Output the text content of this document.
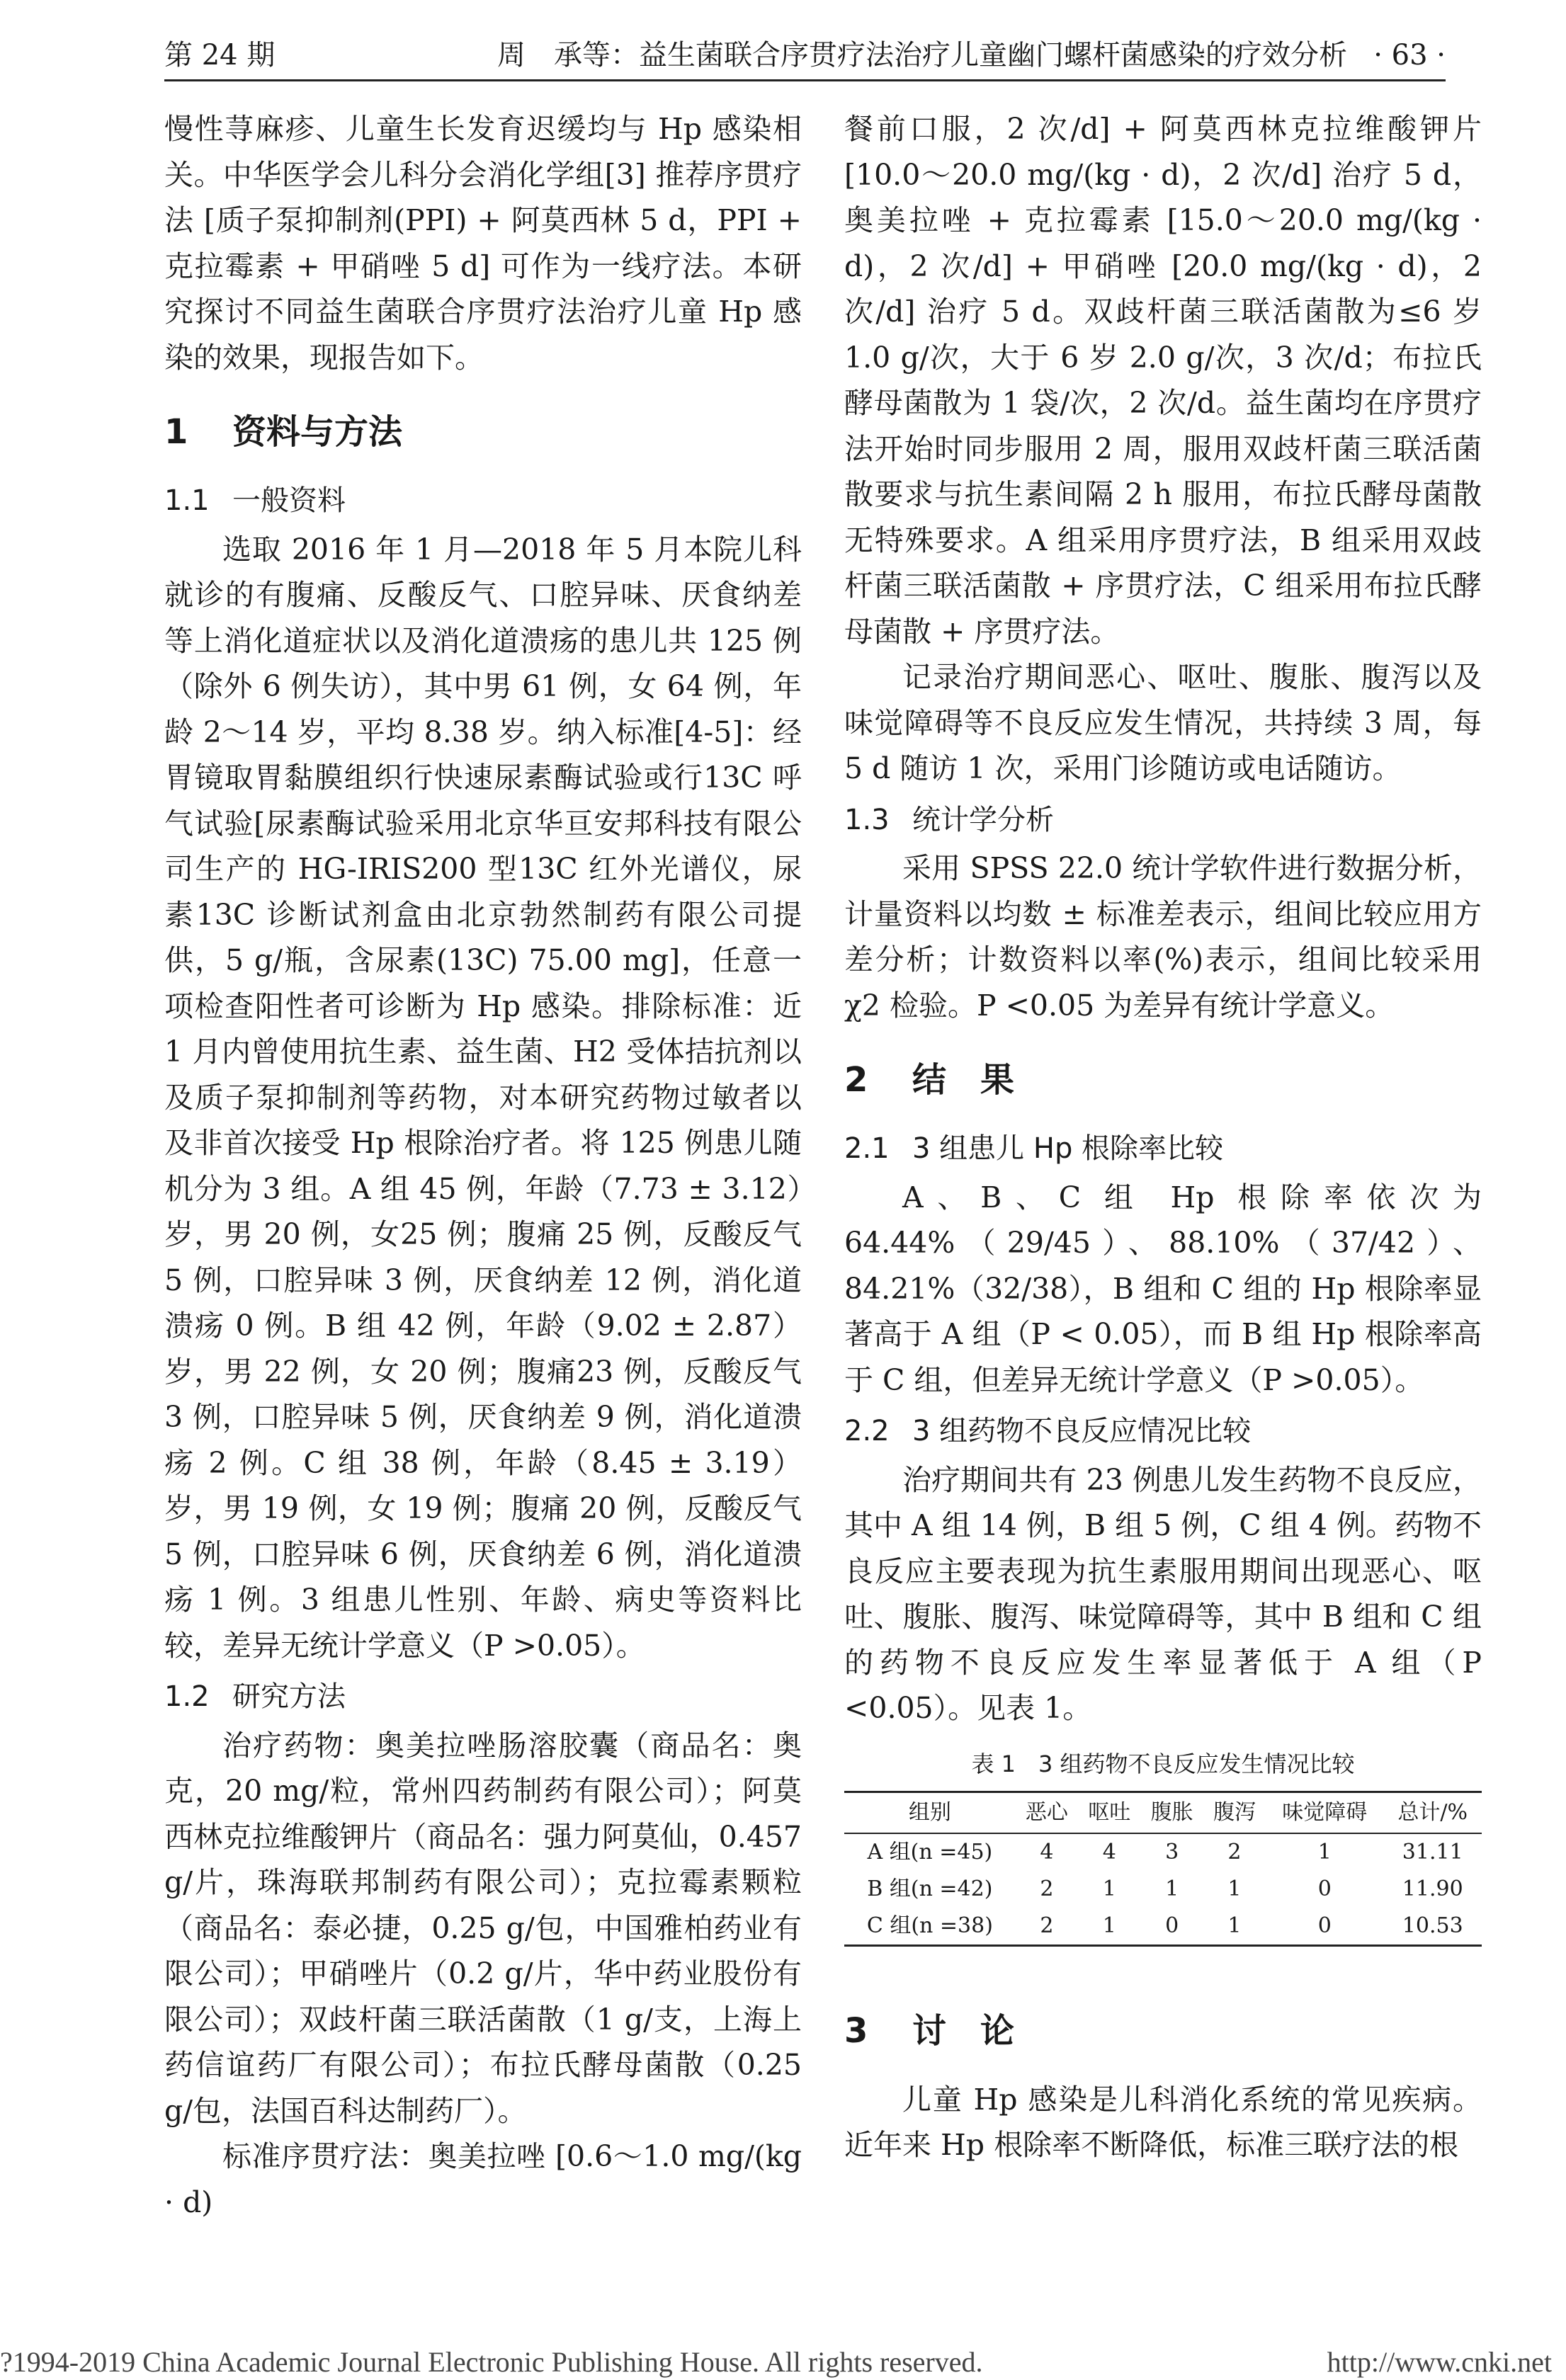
第 24 期	周　承等：益生菌联合序贯疗法治疗儿童幽门螺杆菌感染的疗效分析 · 63 ·

慢性荨麻疹、儿童生长发育迟缓均与 Hp 感染相关。中华医学会儿科分会消化学组[3] 推荐序贯疗法 [质子泵抑制剂(PPI) + 阿莫西林 5 d，PPI + 克拉霉素 + 甲硝唑 5 d] 可作为一线疗法。本研究探讨不同益生菌联合序贯疗法治疗儿童 Hp 感染的效果，现报告如下。

1 资料与方法
1.1 一般资料

选取 2016 年 1 月—2018 年 5 月本院儿科就诊的有腹痛、反酸反气、口腔异味、厌食纳差等上消化道症状以及消化道溃疡的患儿共 125 例（除外 6 例失访），其中男 61 例，女 64 例，年龄 2～14 岁，平均 8.38 岁。纳入标准[4-5]：经胃镜取胃黏膜组织行快速尿素酶试验或行13C 呼气试验[尿素酶试验采用北京华亘安邦科技有限公司生产的 HG-IRIS200 型13C 红外光谱仪，尿素13C 诊断试剂盒由北京勃然制药有限公司提供，5 g/瓶，含尿素(13C) 75.00 mg]，任意一项检查阳性者可诊断为 Hp 感染。排除标准：近 1 月内曾使用抗生素、益生菌、H2 受体拮抗剂以及质子泵抑制剂等药物，对本研究药物过敏者以及非首次接受 Hp 根除治疗者。将 125 例患儿随机分为 3 组。A 组 45 例，年龄（7.73 ± 3.12）岁，男 20 例，女25 例；腹痛 25 例，反酸反气 5 例，口腔异味 3 例，厌食纳差 12 例，消化道溃疡 0 例。B 组 42 例，年龄（9.02 ± 2.87）岁，男 22 例，女 20 例；腹痛23 例，反酸反气 3 例，口腔异味 5 例，厌食纳差 9 例，消化道溃疡 2 例。C 组 38 例，年龄（8.45 ± 3.19）岁，男 19 例，女 19 例；腹痛 20 例，反酸反气 5 例，口腔异味 6 例，厌食纳差 6 例，消化道溃疡 1 例。3 组患儿性别、年龄、病史等资料比较，差异无统计学意义（P >0.05）。

1.2 研究方法

治疗药物：奥美拉唑肠溶胶囊（商品名：奥克，20 mg/粒，常州四药制药有限公司）；阿莫西林克拉维酸钾片（商品名：强力阿莫仙，0.457 g/片，珠海联邦制药有限公司）；克拉霉素颗粒（商品名：泰必捷，0.25 g/包，中国雅柏药业有限公司）；甲硝唑片（0.2 g/片，华中药业股份有限公司）；双歧杆菌三联活菌散（1 g/支，上海上药信谊药厂有限公司）；布拉氏酵母菌散（0.25 g/包，法国百科达制药厂）。

标准序贯疗法：奥美拉唑 [0.6～1.0 mg/(kg · d)

餐前口服，2 次/d] + 阿莫西林克拉维酸钾片[10.0～20.0 mg/(kg · d)，2 次/d] 治疗 5 d，奥美拉唑 + 克拉霉素 [15.0～20.0 mg/(kg · d)，2 次/d] + 甲硝唑 [20.0 mg/(kg · d)，2 次/d] 治疗 5 d。双歧杆菌三联活菌散为≤6 岁 1.0 g/次，大于 6 岁 2.0 g/次，3 次/d；布拉氏酵母菌散为 1 袋/次，2 次/d。益生菌均在序贯疗法开始时同步服用 2 周，服用双歧杆菌三联活菌散要求与抗生素间隔 2 h 服用，布拉氏酵母菌散无特殊要求。A 组采用序贯疗法，B 组采用双歧杆菌三联活菌散 + 序贯疗法，C 组采用布拉氏酵母菌散 + 序贯疗法。

记录治疗期间恶心、呕吐、腹胀、腹泻以及味觉障碍等不良反应发生情况，共持续 3 周，每 5 d 随访 1 次，采用门诊随访或电话随访。

1.3 统计学分析

采用 SPSS 22.0 统计学软件进行数据分析，计量资料以均数 ± 标准差表示，组间比较应用方差分析；计数资料以率(%)表示，组间比较采用χ2 检验。P <0.05 为差异有统计学意义。

2 结　果
2.1 3 组患儿 Hp 根除率比较

A、B、C 组 Hp 根除率依次为 64.44%（29/45）、88.10%（37/42）、84.21%（32/38），B 组和 C 组的 Hp 根除率显著高于 A 组（P < 0.05），而 B 组 Hp 根除率高于 C 组，但差异无统计学意义（P >0.05）。

2.2 3 组药物不良反应情况比较

治疗期间共有 23 例患儿发生药物不良反应，其中 A 组 14 例，B 组 5 例，C 组 4 例。药物不良反应主要表现为抗生素服用期间出现恶心、呕吐、腹胀、腹泻、味觉障碍等，其中 B 组和 C 组的药物不良反应发生率显著低于 A 组（P <0.05）。见表 1。

表 1　3 组药物不良反应发生情况比较
组别	恶心	呕吐	腹胀	腹泻	味觉障碍	总计/%
A 组(n =45)	4	4	3	2	1	31.11
B 组(n =42)	2	1	1	1	0	11.90
C 组(n =38)	2	1	0	1	0	10.53
3 讨　论

儿童 Hp 感染是儿科消化系统的常见疾病。近年来 Hp 根除率不断降低，标准三联疗法的根

?1994-2019 China Academic Journal Electronic Publishing House. All rights reserved.	http://www.cnki.net
